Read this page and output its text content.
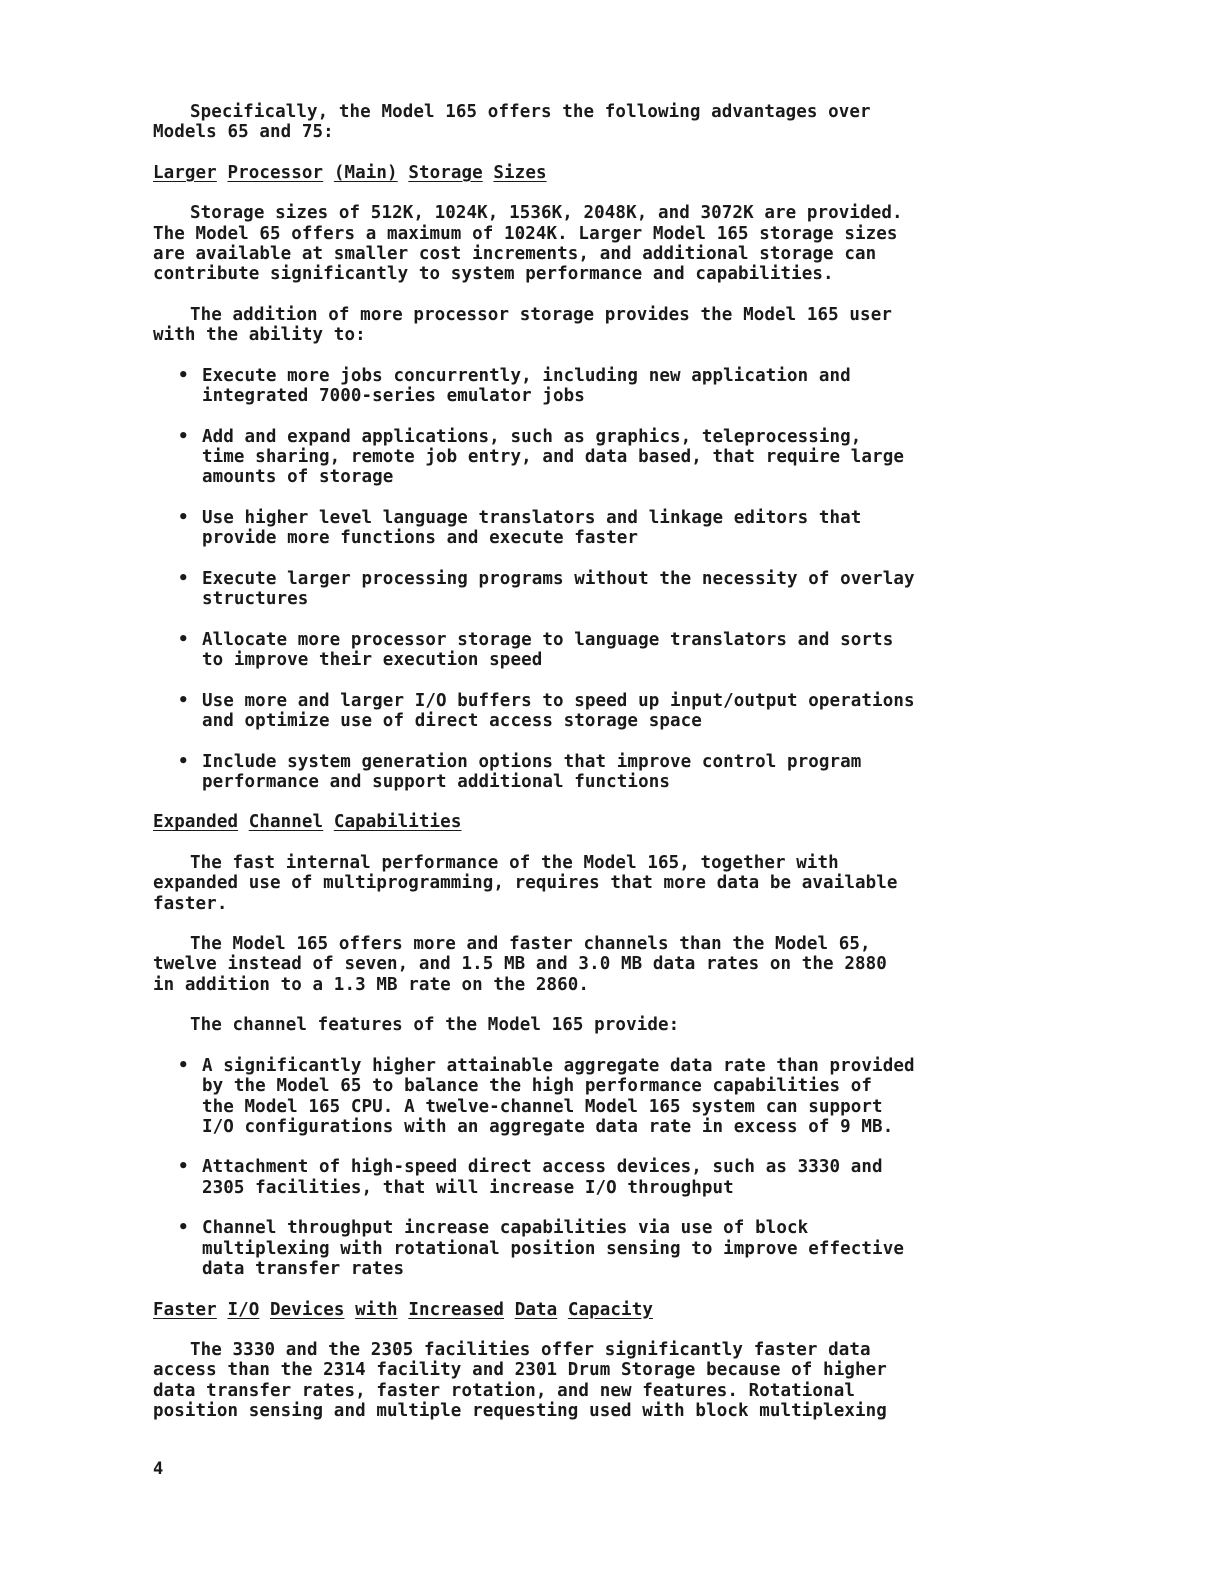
Specifically, the Model 165 offers the following advantages over
Models 65 and 75:

Larger Processor (Main) Storage Sizes

Storage sizes of 512K, 1024K, 1536K, 2048K, and 3072K are provided.
The Model 65 offers a maximum of 1024K. Larger Model 165 storage sizes
are available at smaller cost increments, and additional storage can
contribute significantly to system performance and capabilities.

The addition of more processor storage provides the Model 165 user
with the ability to:

• Execute more jobs concurrently, including new application and
integrated 7000-series emulator jobs
• Add and expand applications, such as graphics, teleprocessing,
time sharing, remote job entry, and data based, that require large
amounts of storage
• Use higher level language translators and linkage editors that
provide more functions and execute faster
• Execute larger processing programs without the necessity of overlay
structures
• Allocate more processor storage to language translators and sorts
to improve their execution speed
• Use more and larger I/O buffers to speed up input/output operations
and optimize use of direct access storage space
• Include system generation options that improve control program
performance and support additional functions
Expanded Channel Capabilities

The fast internal performance of the Model 165, together with
expanded use of multiprogramming, requires that more data be available
faster.

The Model 165 offers more and faster channels than the Model 65,
twelve instead of seven, and 1.5 MB and 3.0 MB data rates on the 2880
in addition to a 1.3 MB rate on the 2860.

The channel features of the Model 165 provide:

• A significantly higher attainable aggregate data rate than provided
by the Model 65 to balance the high performance capabilities of
the Model 165 CPU. A twelve-channel Model 165 system can support
I/O configurations with an aggregate data rate in excess of 9 MB.
• Attachment of high-speed direct access devices, such as 3330 and
2305 facilities, that will increase I/O throughput
• Channel throughput increase capabilities via use of block
multiplexing with rotational position sensing to improve effective
data transfer rates
Faster I/O Devices with Increased Data Capacity

The 3330 and the 2305 facilities offer significantly faster data
access than the 2314 facility and 2301 Drum Storage because of higher
data transfer rates, faster rotation, and new features. Rotational
position sensing and multiple requesting used with block multiplexing

4
